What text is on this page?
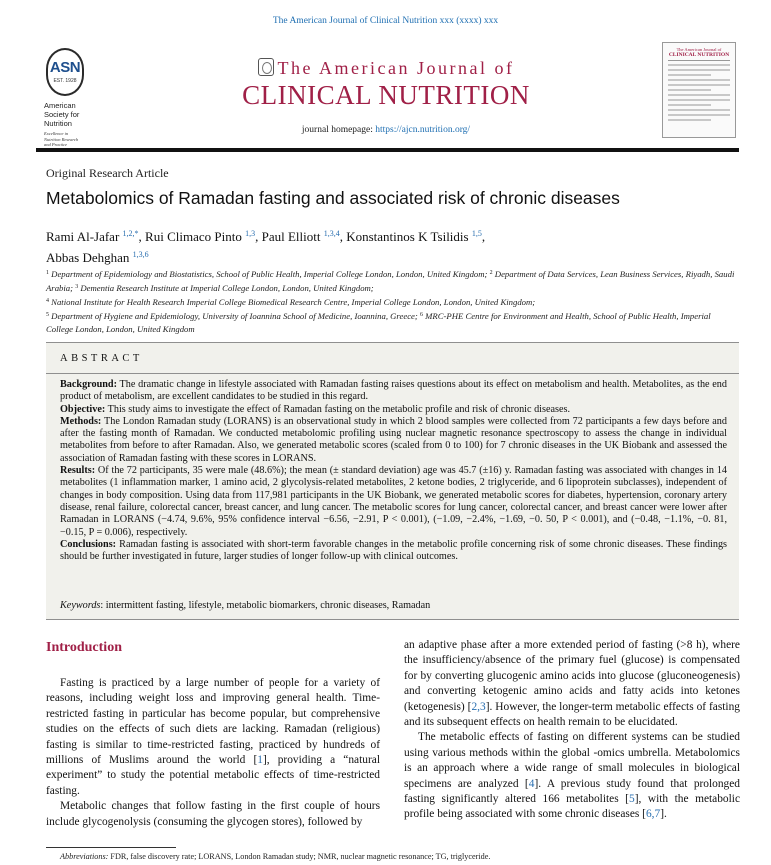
The American Journal of Clinical Nutrition xxx (xxxx) xxx
ASN
EST. 1928
American
Society for
Nutrition
Excellence in
Nutrition Research
and Practice
The American Journal of
CLINICAL NUTRITION
journal homepage: https://ajcn.nutrition.org/
The American Journal of
CLINICAL NUTRITION
Original Research Article
Metabolomics of Ramadan fasting and associated risk of chronic diseases
Rami Al-Jafar $^{1,2,*}$, Rui Climaco Pinto $^{1,3}$, Paul Elliott $^{1,3,4}$, Konstantinos K Tsilidis $^{1,5}$,
Abbas Dehghan $^{1,3,6}$
$^1$ Department of Epidemiology and Biostatistics, School of Public Health, Imperial College London, London, United Kingdom; $^2$ Department of Data Services, Lean Business Services, Riyadh, Saudi Arabia; $^3$ Dementia Research Institute at Imperial College London, London, United Kingdom;
$^4$ National Institute for Health Research Imperial College Biomedical Research Centre, Imperial College London, London, United Kingdom;
$^5$ Department of Hygiene and Epidemiology, University of Ioannina School of Medicine, Ioannina, Greece; $^6$ MRC-PHE Centre for Environment and Health, School of Public Health, Imperial College London, London, United Kingdom
ABSTRACT
Background: The dramatic change in lifestyle associated with Ramadan fasting raises questions about its effect on metabolism and health. Metabolites, as the end product of metabolism, are excellent candidates to be studied in this regard.
Objective: This study aims to investigate the effect of Ramadan fasting on the metabolic profile and risk of chronic diseases.
Methods: The London Ramadan study (LORANS) is an observational study in which 2 blood samples were collected from 72 participants a few days before and after the fasting month of Ramadan. We conducted metabolomic profiling using nuclear magnetic resonance spectroscopy to assess the change in individual metabolites from before to after Ramadan. Also, we generated metabolic scores (scaled from 0 to 100) for 7 chronic diseases in the UK Biobank and assessed the association of Ramadan fasting with these scores in LORANS.
Results: Of the 72 participants, 35 were male (48.6%); the mean (± standard deviation) age was 45.7 (±16) y. Ramadan fasting was associated with changes in 14 metabolites (1 inflammation marker, 1 amino acid, 2 glycolysis-related metabolites, 2 ketone bodies, 2 triglyceride, and 6 lipoprotein subclasses), independent of changes in body composition. Using data from 117,981 participants in the UK Biobank, we generated metabolic scores for diabetes, hypertension, coronary artery disease, renal failure, colorectal cancer, breast cancer, and lung cancer. The metabolic scores for lung cancer, colorectal cancer, and breast cancer were lower after Ramadan in LORANS (−4.74, 9.6%, 95% confidence interval −6.56, −2.91, P < 0.001), (−1.09, −2.4%, −1.69, −0. 50, P < 0.001), and (−0.48, −1.1%, −0. 81, −0.15, P = 0.006), respectively.
Conclusions: Ramadan fasting is associated with short-term favorable changes in the metabolic profile concerning risk of some chronic diseases. These findings should be further investigated in future, larger studies of longer follow-up with clinical outcomes.
Keywords: intermittent fasting, lifestyle, metabolic biomarkers, chronic diseases, Ramadan
Introduction

Fasting is practiced by a large number of people for a variety of reasons, including weight loss and improving general health. Time-restricted fasting in particular has become popular, but comprehensive studies on the effects of such diets are lacking. Ramadan (religious) fasting is similar to time-restricted fasting, practiced by hundreds of millions of Muslims around the world [1], providing a “natural experiment” to study the potential metabolic effects of time-restricted fasting.

Metabolic changes that follow fasting in the first couple of hours include glycogenolysis (consuming the glycogen stores), followed by

an adaptive phase after a more extended period of fasting (>8 h), where the insufficiency/absence of the primary fuel (glucose) is compensated for by converting glucogenic amino acids into glucose (gluconeogenesis) and converting ketogenic amino acids and fatty acids into ketones (ketogenesis) [2,3]. However, the longer-term metabolic effects of fasting and its subsequent effects on health remain to be elucidated.

The metabolic effects of fasting on different systems can be studied using various methods within the global -omics umbrella. Metabolomics is an approach where a wide range of small molecules in biological specimens are analyzed [4]. A previous study found that prolonged fasting significantly altered 166 metabolites [5], with the metabolic profile being associated with some chronic diseases [6,7].

Abbreviations: FDR, false discovery rate; LORANS, London Ramadan study; NMR, nuclear magnetic resonance; TG, triglyceride.
